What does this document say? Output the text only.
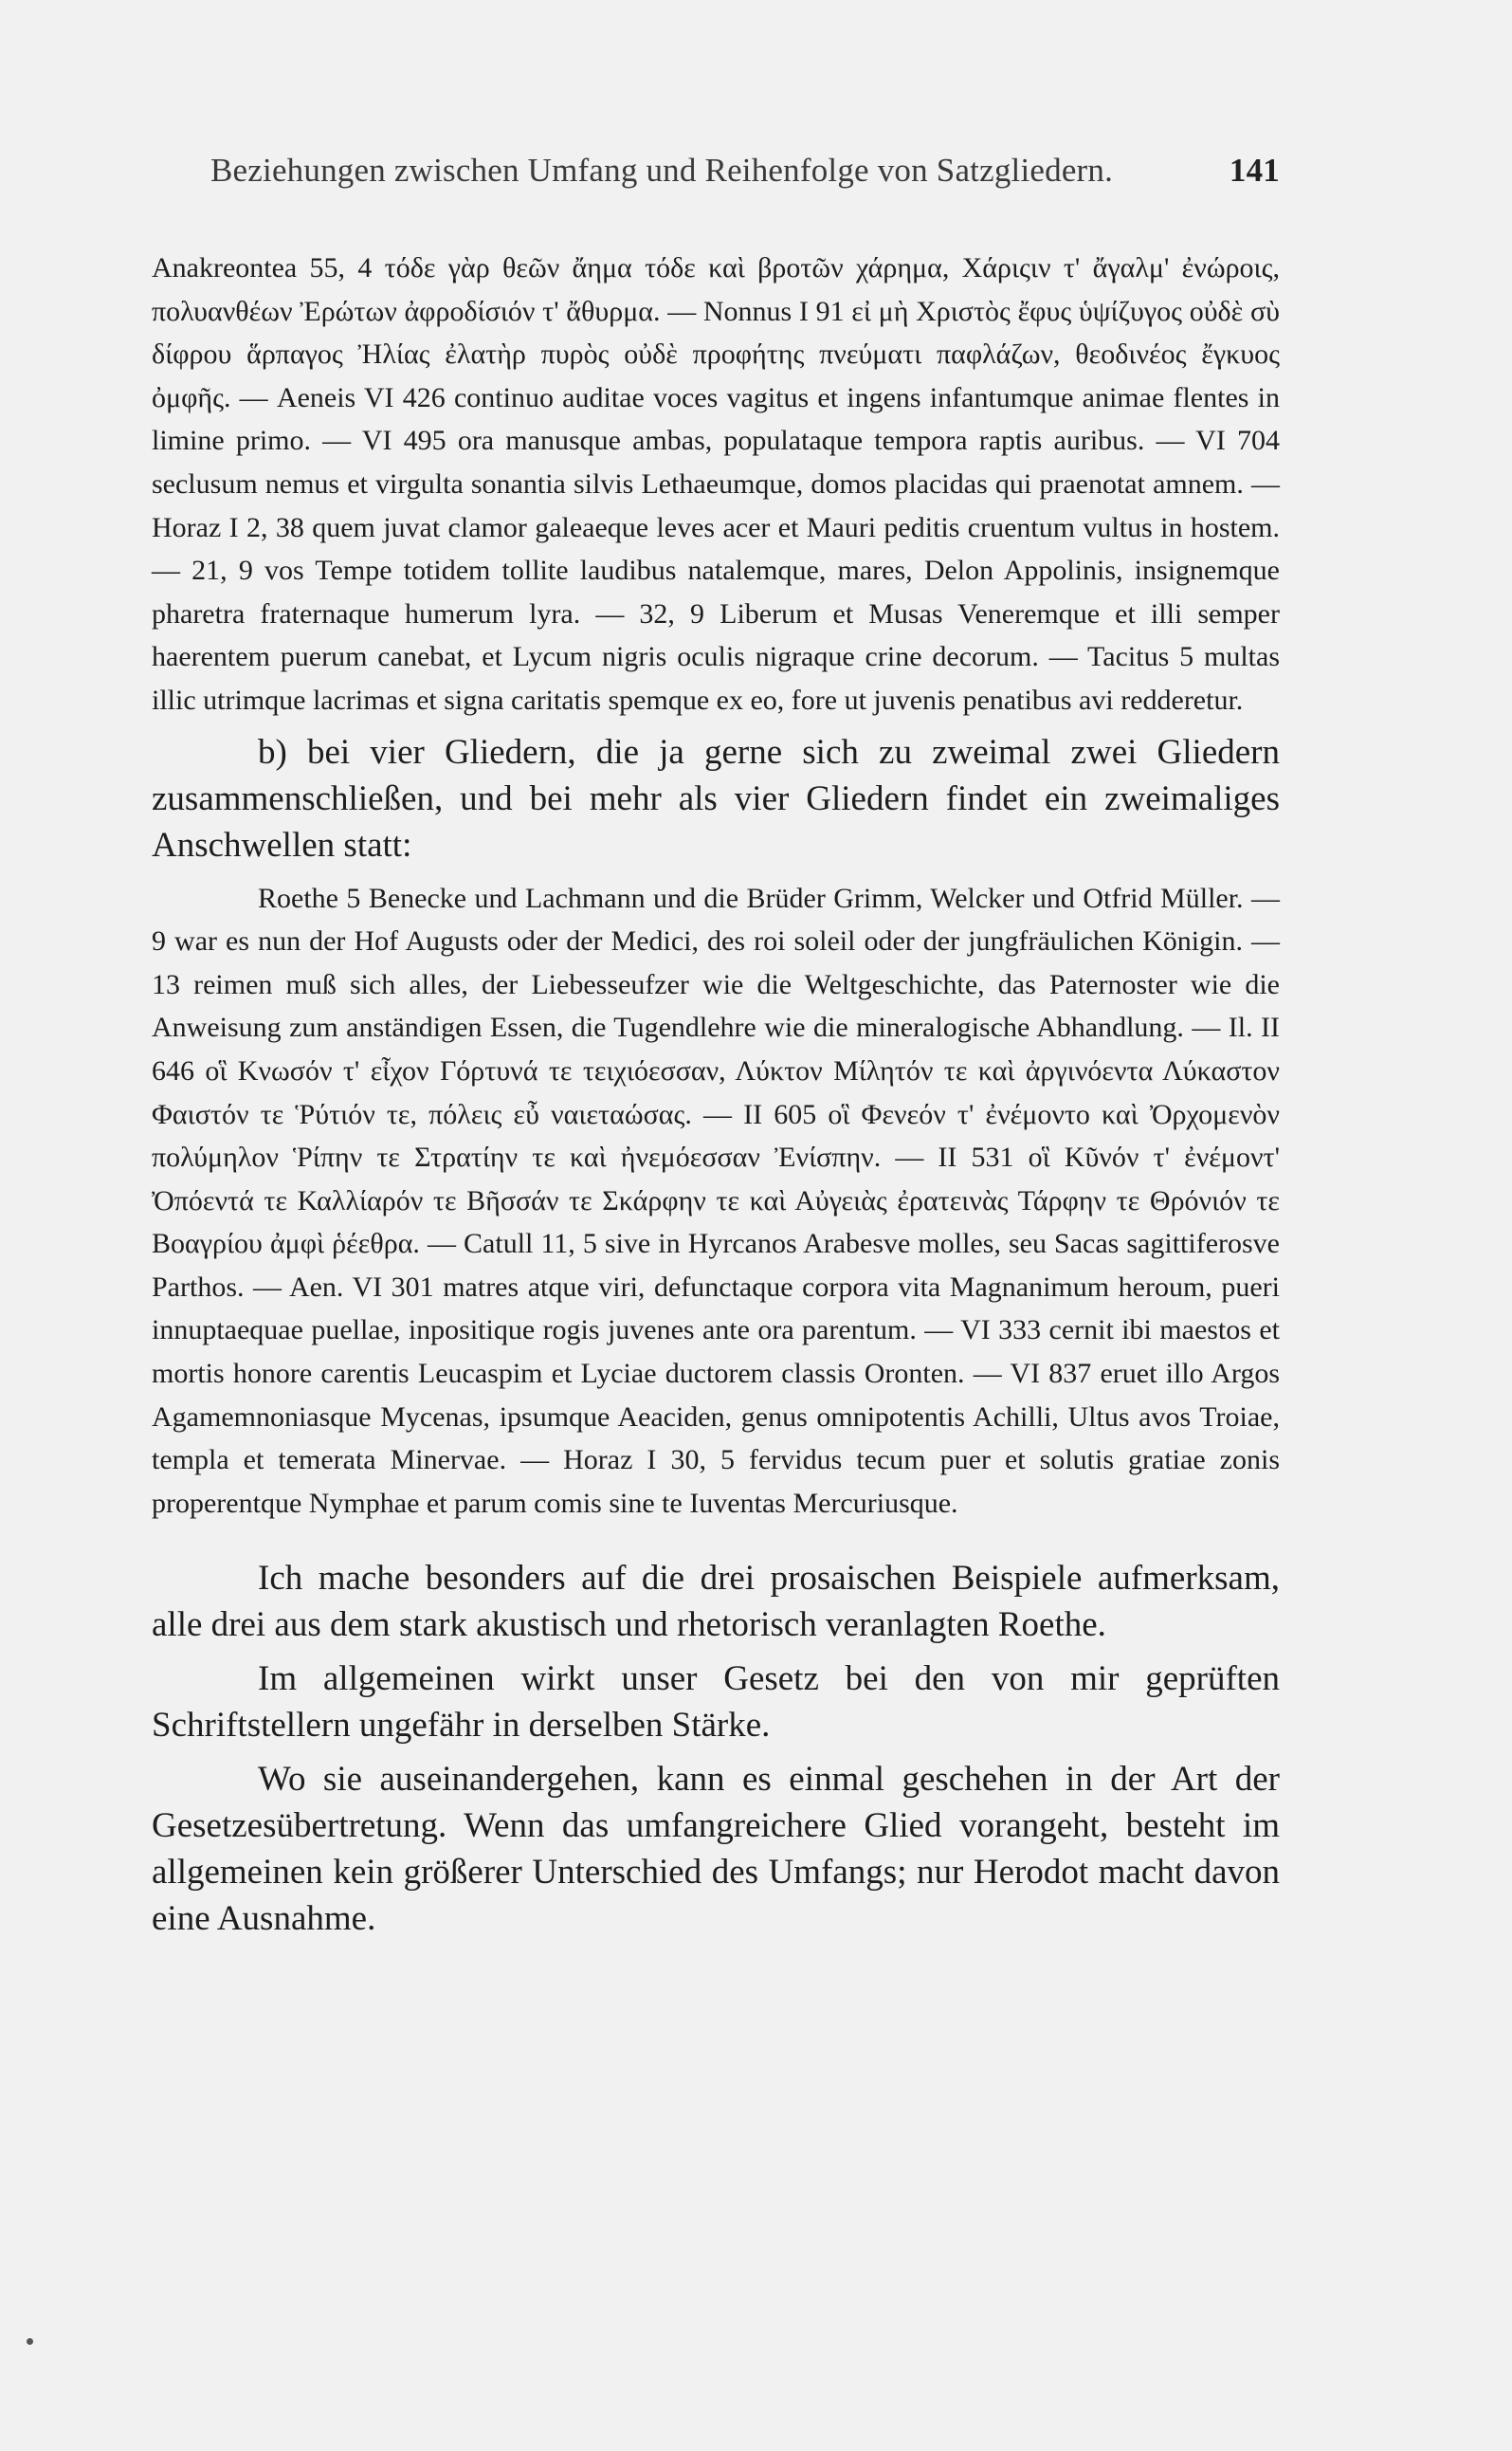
Beziehungen zwischen Umfang und Reihenfolge von Satzgliedern.	141

Anakreontea 55, 4 τόδε γὰρ θεῶν ἄημα τόδε καὶ βροτῶν χάρημα, Χάριςιν τ' ἄγαλμ' ἐνώροις, πολυανθέων Ἐρώτων ἀφροδίσιόν τ' ἄθυρμα. — Nonnus I 91 εἰ μὴ Χριστὸς ἔφυς ὑψίζυγος οὐδὲ σὺ δίφρου ἅρπαγος Ἠλίας ἐλατὴρ πυρὸς οὐδὲ προφήτης πνεύματι παφλάζων, θεοδινέος ἔγκυος ὀμφῆς. — Aeneis VI 426 continuo auditae voces vagitus et ingens infantumque animae flentes in limine primo. — VI 495 ora manusque ambas, populataque tempora raptis auribus. — VI 704 seclusum nemus et virgulta sonantia silvis Lethaeumque, domos placidas qui praenotat amnem. — Horaz I 2, 38 quem juvat clamor galeaeque leves acer et Mauri peditis cruentum vultus in hostem. — 21, 9 vos Tempe totidem tollite laudibus natalemque, mares, Delon Appolinis, insignemque pharetra fraternaque humerum lyra. — 32, 9 Liberum et Musas Veneremque et illi semper haerentem puerum canebat, et Lycum nigris oculis nigraque crine decorum. — Tacitus 5 multas illic utrimque lacrimas et signa caritatis spemque ex eo, fore ut juvenis penatibus avi redderetur.

b) bei vier Gliedern, die ja gerne sich zu zweimal zwei Gliedern zusammenschließen, und bei mehr als vier Gliedern findet ein zweimaliges Anschwellen statt:

Roethe 5 Benecke und Lachmann und die Brüder Grimm, Welcker und Otfrid Müller. — 9 war es nun der Hof Augusts oder der Medici, des roi soleil oder der jungfräulichen Königin. — 13 reimen muß sich alles, der Liebesseufzer wie die Weltgeschichte, das Paternoster wie die Anweisung zum anständigen Essen, die Tugendlehre wie die mineralogische Abhandlung. — Il. II 646 οἳ Κνωσόν τ' εἶχον Γόρτυνά τε τειχιόεσσαν, Λύκτον Μίλητόν τε καὶ ἀργινόεντα Λύκαστον Φαιστόν τε Ῥύτιόν τε, πόλεις εὖ ναιεταώσας. — II 605 οἳ Φενεόν τ' ἐνέμοντο καὶ Ὀρχομενὸν πολύμηλον Ῥίπην τε Στρατίην τε καὶ ἠνεμόεσσαν Ἐνίσπην. — II 531 οἳ Κῦνόν τ' ἐνέμοντ' Ὀπόεντά τε Καλλίαρόν τε Βῆσσάν τε Σκάρφην τε καὶ Αὐγειὰς ἐρατεινὰς Τάρφην τε Θρόνιόν τε Βοαγρίου ἀμφὶ ῥέεθρα. — Catull 11, 5 sive in Hyrcanos Arabesve molles, seu Sacas sagittiferosve Parthos. — Aen. VI 301 matres atque viri, defunctaque corpora vita Magnanimum heroum, pueri innuptaequae puellae, inpositique rogis juvenes ante ora parentum. — VI 333 cernit ibi maestos et mortis honore carentis Leucaspim et Lyciae ductorem classis Oronten. — VI 837 eruet illo Argos Agamemnoniasque Mycenas, ipsumque Aeaciden, genus omnipotentis Achilli, Ultus avos Troiae, templa et temerata Minervae. — Horaz I 30, 5 fervidus tecum puer et solutis gratiae zonis properentque Nymphae et parum comis sine te Iuventas Mercuriusque.

Ich mache besonders auf die drei prosaischen Beispiele aufmerksam, alle drei aus dem stark akustisch und rhetorisch veranlagten Roethe.

Im allgemeinen wirkt unser Gesetz bei den von mir geprüften Schriftstellern ungefähr in derselben Stärke.

Wo sie auseinandergehen, kann es einmal geschehen in der Art der Gesetzesübertretung. Wenn das umfangreichere Glied vorangeht, besteht im allgemeinen kein größerer Unterschied des Umfangs; nur Herodot macht davon eine Ausnahme.
